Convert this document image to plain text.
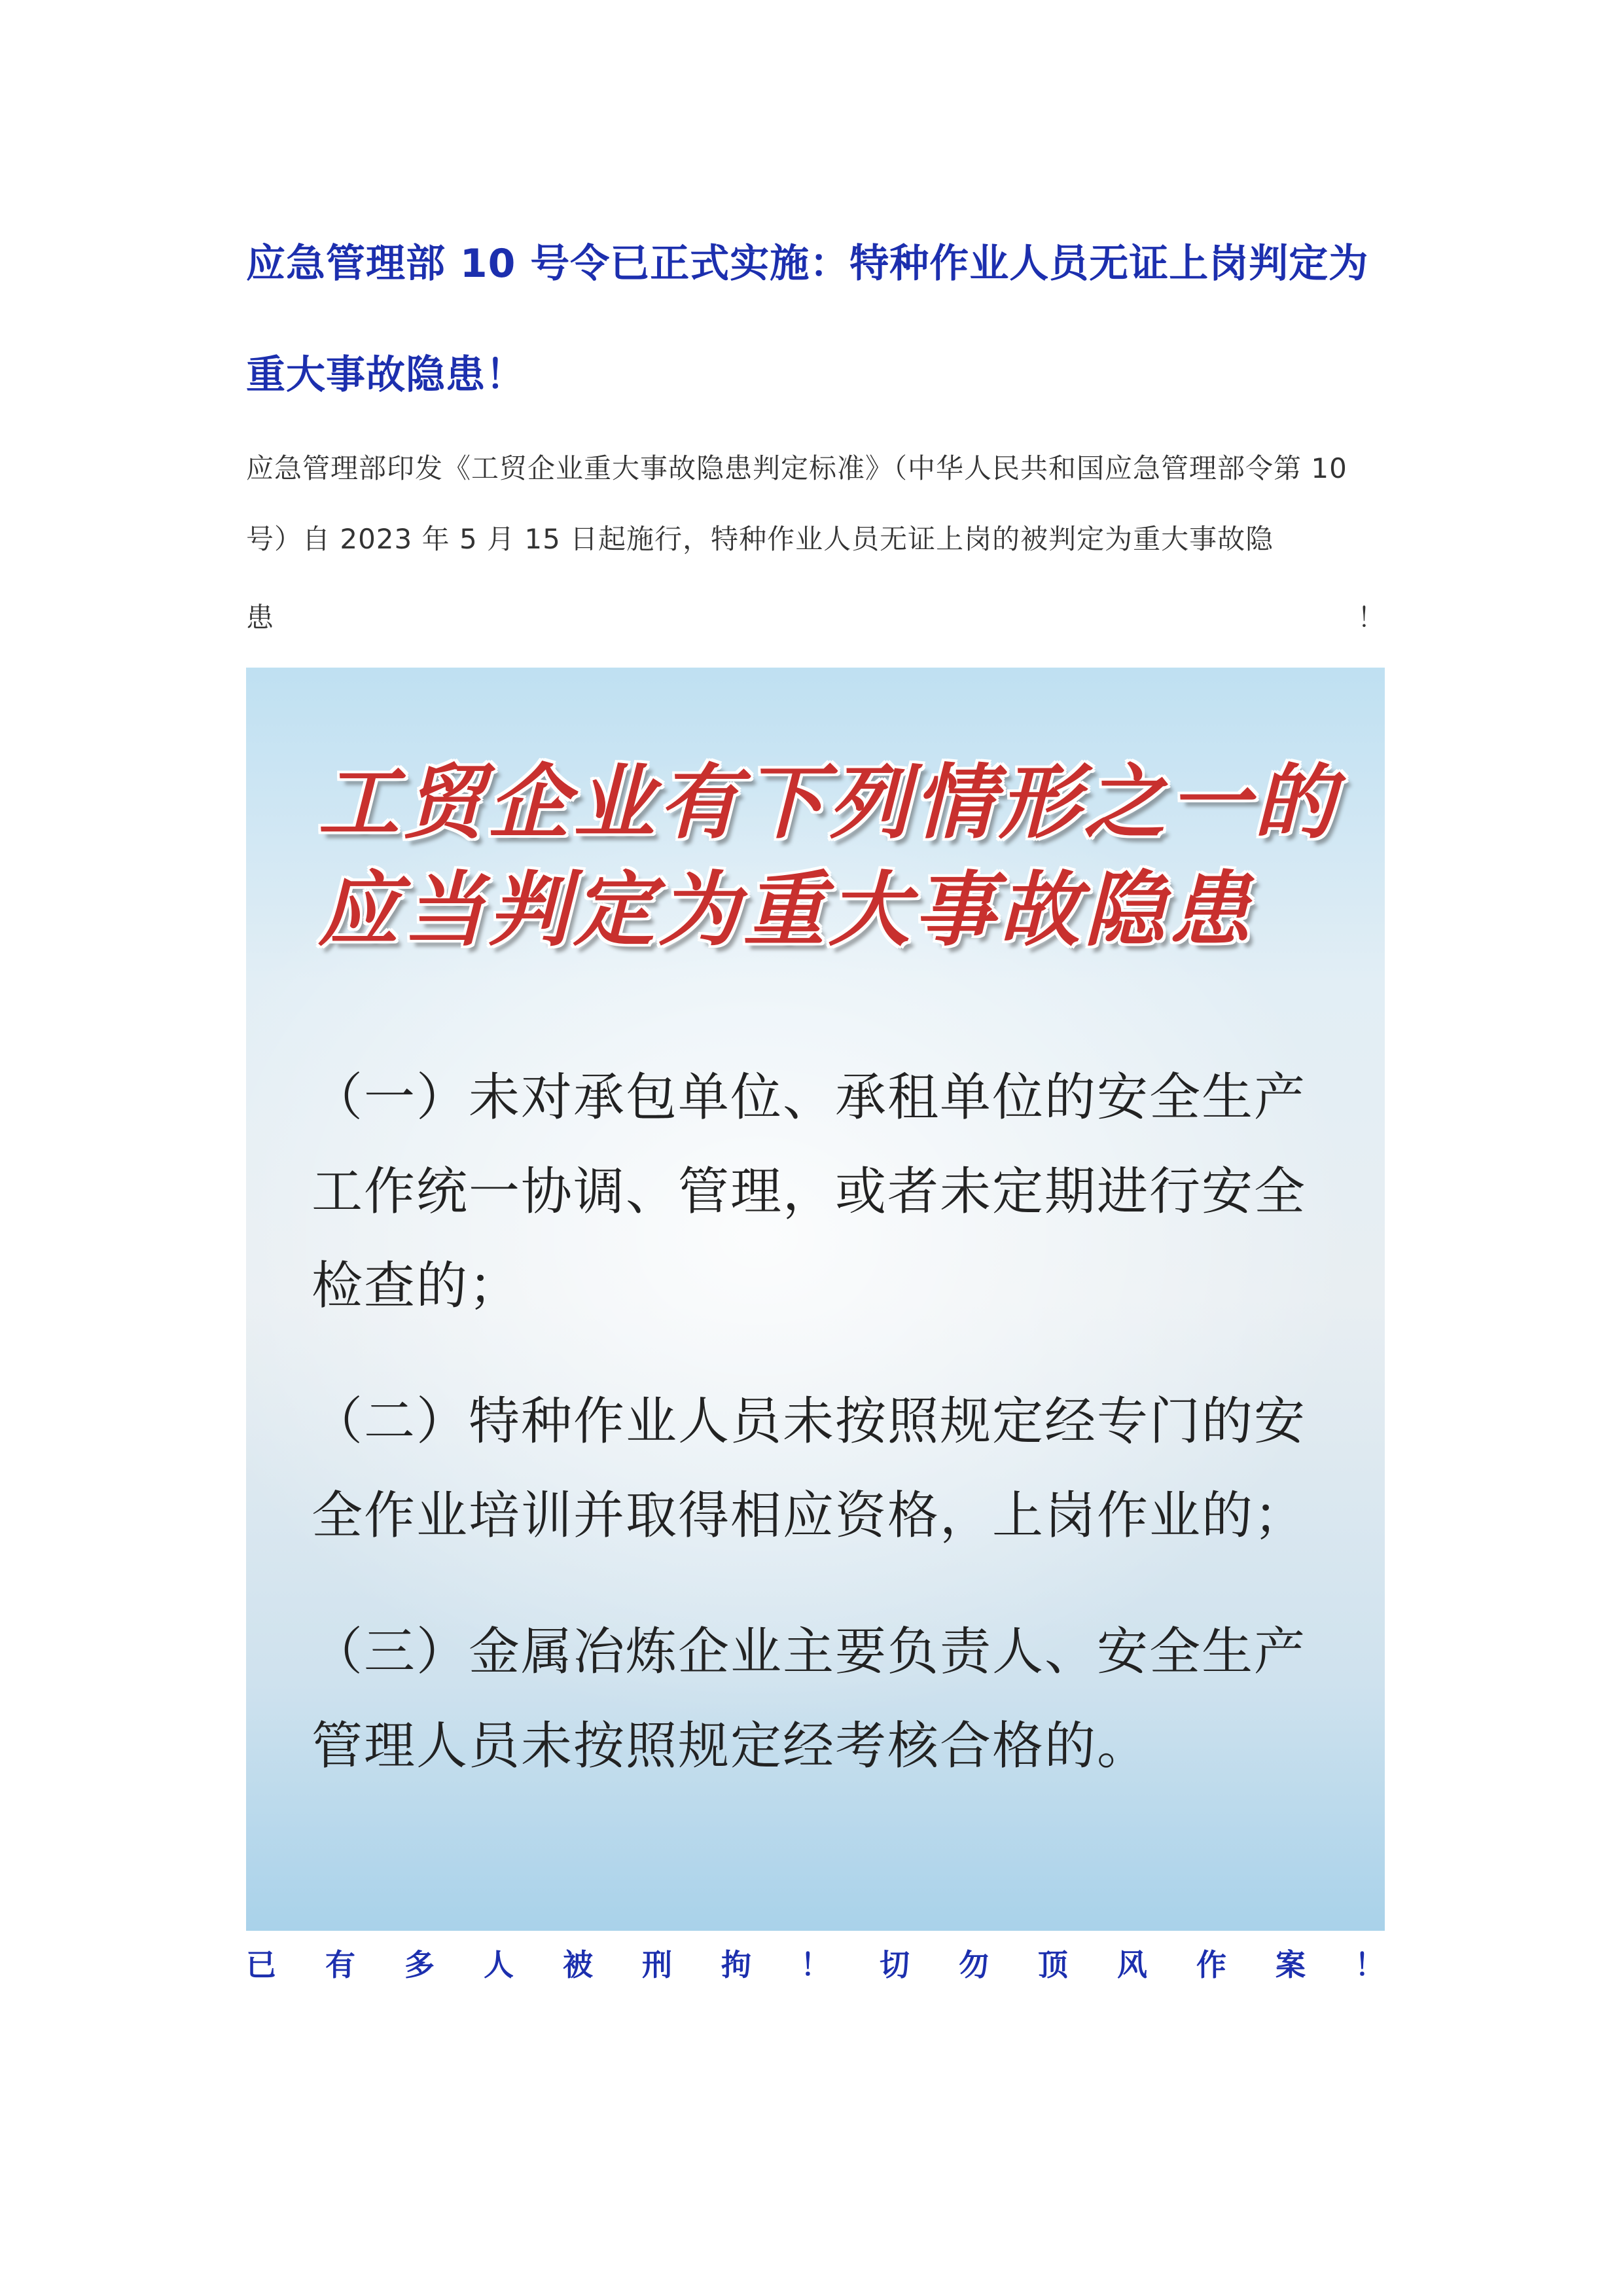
应急管理部 10 号令已正式实施：特种作业人员无证上岗判定为重大事故隐患！

应急管理部印发《工贸企业重大事故隐患判定标准》（中华人民共和国应急管理部令第 10 号）自 2023 年 5 月 15 日起施行，特种作业人员无证上岗的被判定为重大事故隐

患	！
工贸企业有下列情形之一的应当判定为重大事故隐患

（一）未对承包单位、承租单位的安全生产工作统一协调、管理，或者未定期进行安全检查的；

（二）特种作业人员未按照规定经专门的安全作业培训并取得相应资格，上岗作业的；

（三）金属冶炼企业主要负责人、安全生产管理人员未按照规定经考核合格的。

已 有 多 人 被 刑 拘 ！ 切 勿 顶 风 作 案 ！
